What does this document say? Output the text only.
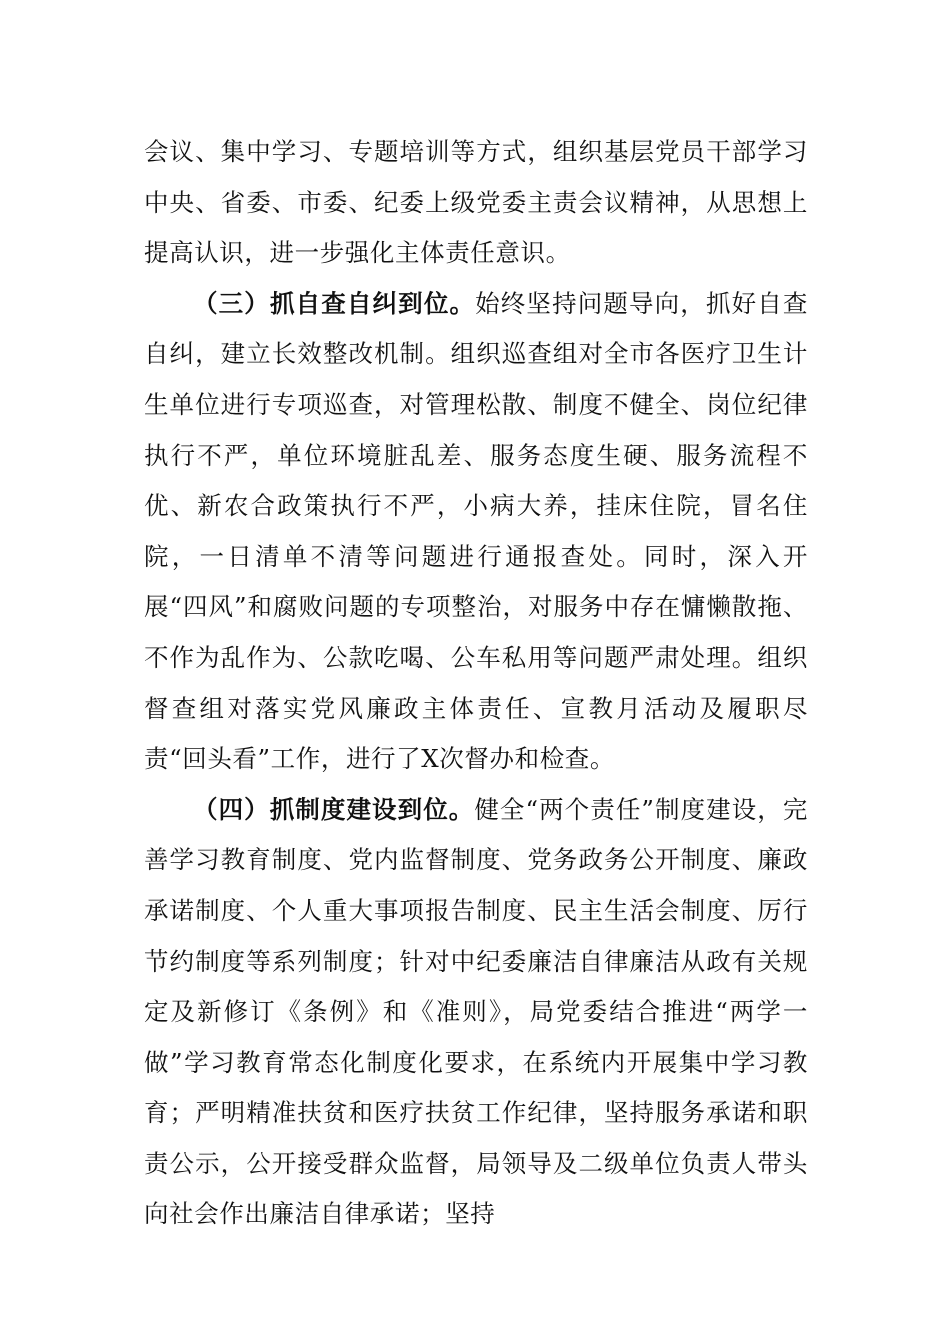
会议、集中学习、专题培训等方式，组织基层党员干部学习中央、省委、市委、纪委上级党委主责会议精神，从思想上提高认识，进一步强化主体责任意识。

（三）抓自查自纠到位。始终坚持问题导向，抓好自查自纠，建立长效整改机制。组织巡查组对全市各医疗卫生计生单位进行专项巡查，对管理松散、制度不健全、岗位纪律执行不严，单位环境脏乱差、服务态度生硬、服务流程不优、新农合政策执行不严，小病大养，挂床住院，冒名住院，一日清单不清等问题进行通报查处。同时，深入开展“四风”和腐败问题的专项整治，对服务中存在慵懒散拖、不作为乱作为、公款吃喝、公车私用等问题严肃处理。组织督查组对落实党风廉政主体责任、宣教月活动及履职尽责“回头看”工作，进行了X次督办和检查。

（四）抓制度建设到位。健全“两个责任”制度建设，完善学习教育制度、党内监督制度、党务政务公开制度、廉政承诺制度、个人重大事项报告制度、民主生活会制度、厉行节约制度等系列制度；针对中纪委廉洁自律廉洁从政有关规定及新修订《条例》和《准则》，局党委结合推进“两学一做”学习教育常态化制度化要求，在系统内开展集中学习教育；严明精准扶贫和医疗扶贫工作纪律，坚持服务承诺和职责公示，公开接受群众监督，局领导及二级单位负责人带头向社会作出廉洁自律承诺；坚持
